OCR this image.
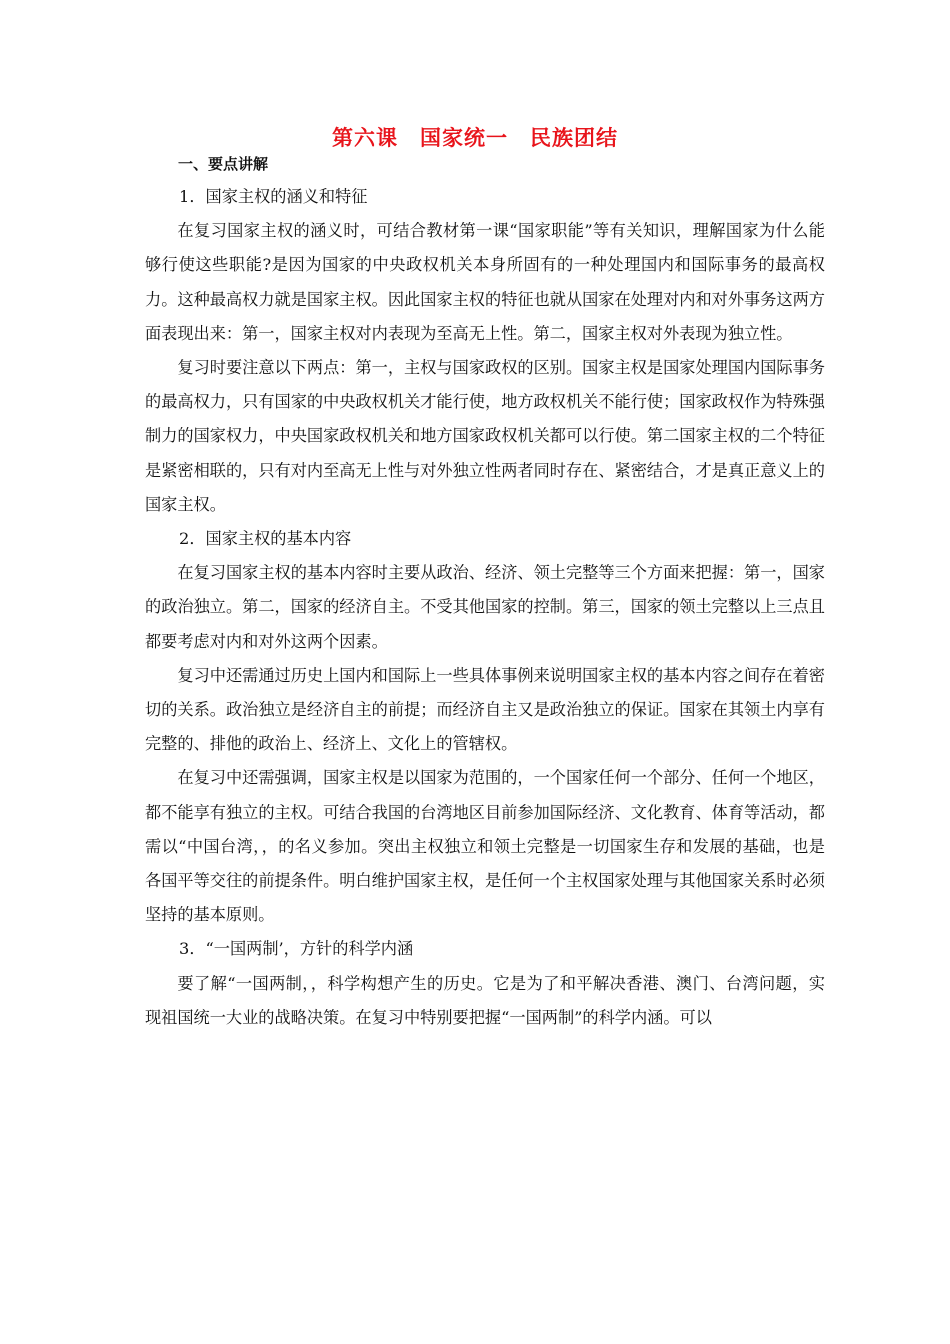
第六课　国家统一　民族团结
一、要点讲解

1．国家主权的涵义和特征

在复习国家主权的涵义时，可结合教材第一课“国家职能”等有关知识，理解国家为什么能够行使这些职能?是因为国家的中央政权机关本身所固有的一种处理国内和国际事务的最高权力。这种最高权力就是国家主权。因此国家主权的特征也就从国家在处理对内和对外事务这两方面表现出来：第一，国家主权对内表现为至高无上性。第二，国家主权对外表现为独立性。

复习时要注意以下两点：第一，主权与国家政权的区别。国家主权是国家处理国内国际事务的最高权力，只有国家的中央政权机关才能行使，地方政权机关不能行使；国家政权作为特殊强制力的国家权力，中央国家政权机关和地方国家政权机关都可以行使。第二国家主权的二个特征是紧密相联的，只有对内至高无上性与对外独立性两者同时存在、紧密结合，才是真正意义上的国家主权。

2．国家主权的基本内容

在复习国家主权的基本内容时主要从政治、经济、领土完整等三个方面来把握：第一，国家的政治独立。第二，国家的经济自主。不受其他国家的控制。第三，国家的领土完整以上三点且都要考虑对内和对外这两个因素。

复习中还需通过历史上国内和国际上一些具体事例来说明国家主权的基本内容之间存在着密切的关系。政治独立是经济自主的前提；而经济自主又是政治独立的保证。国家在其领土内享有完整的、排他的政治上、经济上、文化上的管辖权。

在复习中还需强调，国家主权是以国家为范围的，一个国家任何一个部分、任何一个地区，都不能享有独立的主权。可结合我国的台湾地区目前参加国际经济、文化教育、体育等活动，都需以“中国台湾，，的名义参加。突出主权独立和领土完整是一切国家生存和发展的基础，也是各国平等交往的前提条件。明白维护国家主权，是任何一个主权国家处理与其他国家关系时必须坚持的基本原则。

3．“一国两制’，方针的科学内涵

要了解“一国两制，，科学构想产生的历史。它是为了和平解决香港、澳门、台湾问题，实现祖国统一大业的战略决策。在复习中特别要把握“一国两制”的科学内涵。可以
